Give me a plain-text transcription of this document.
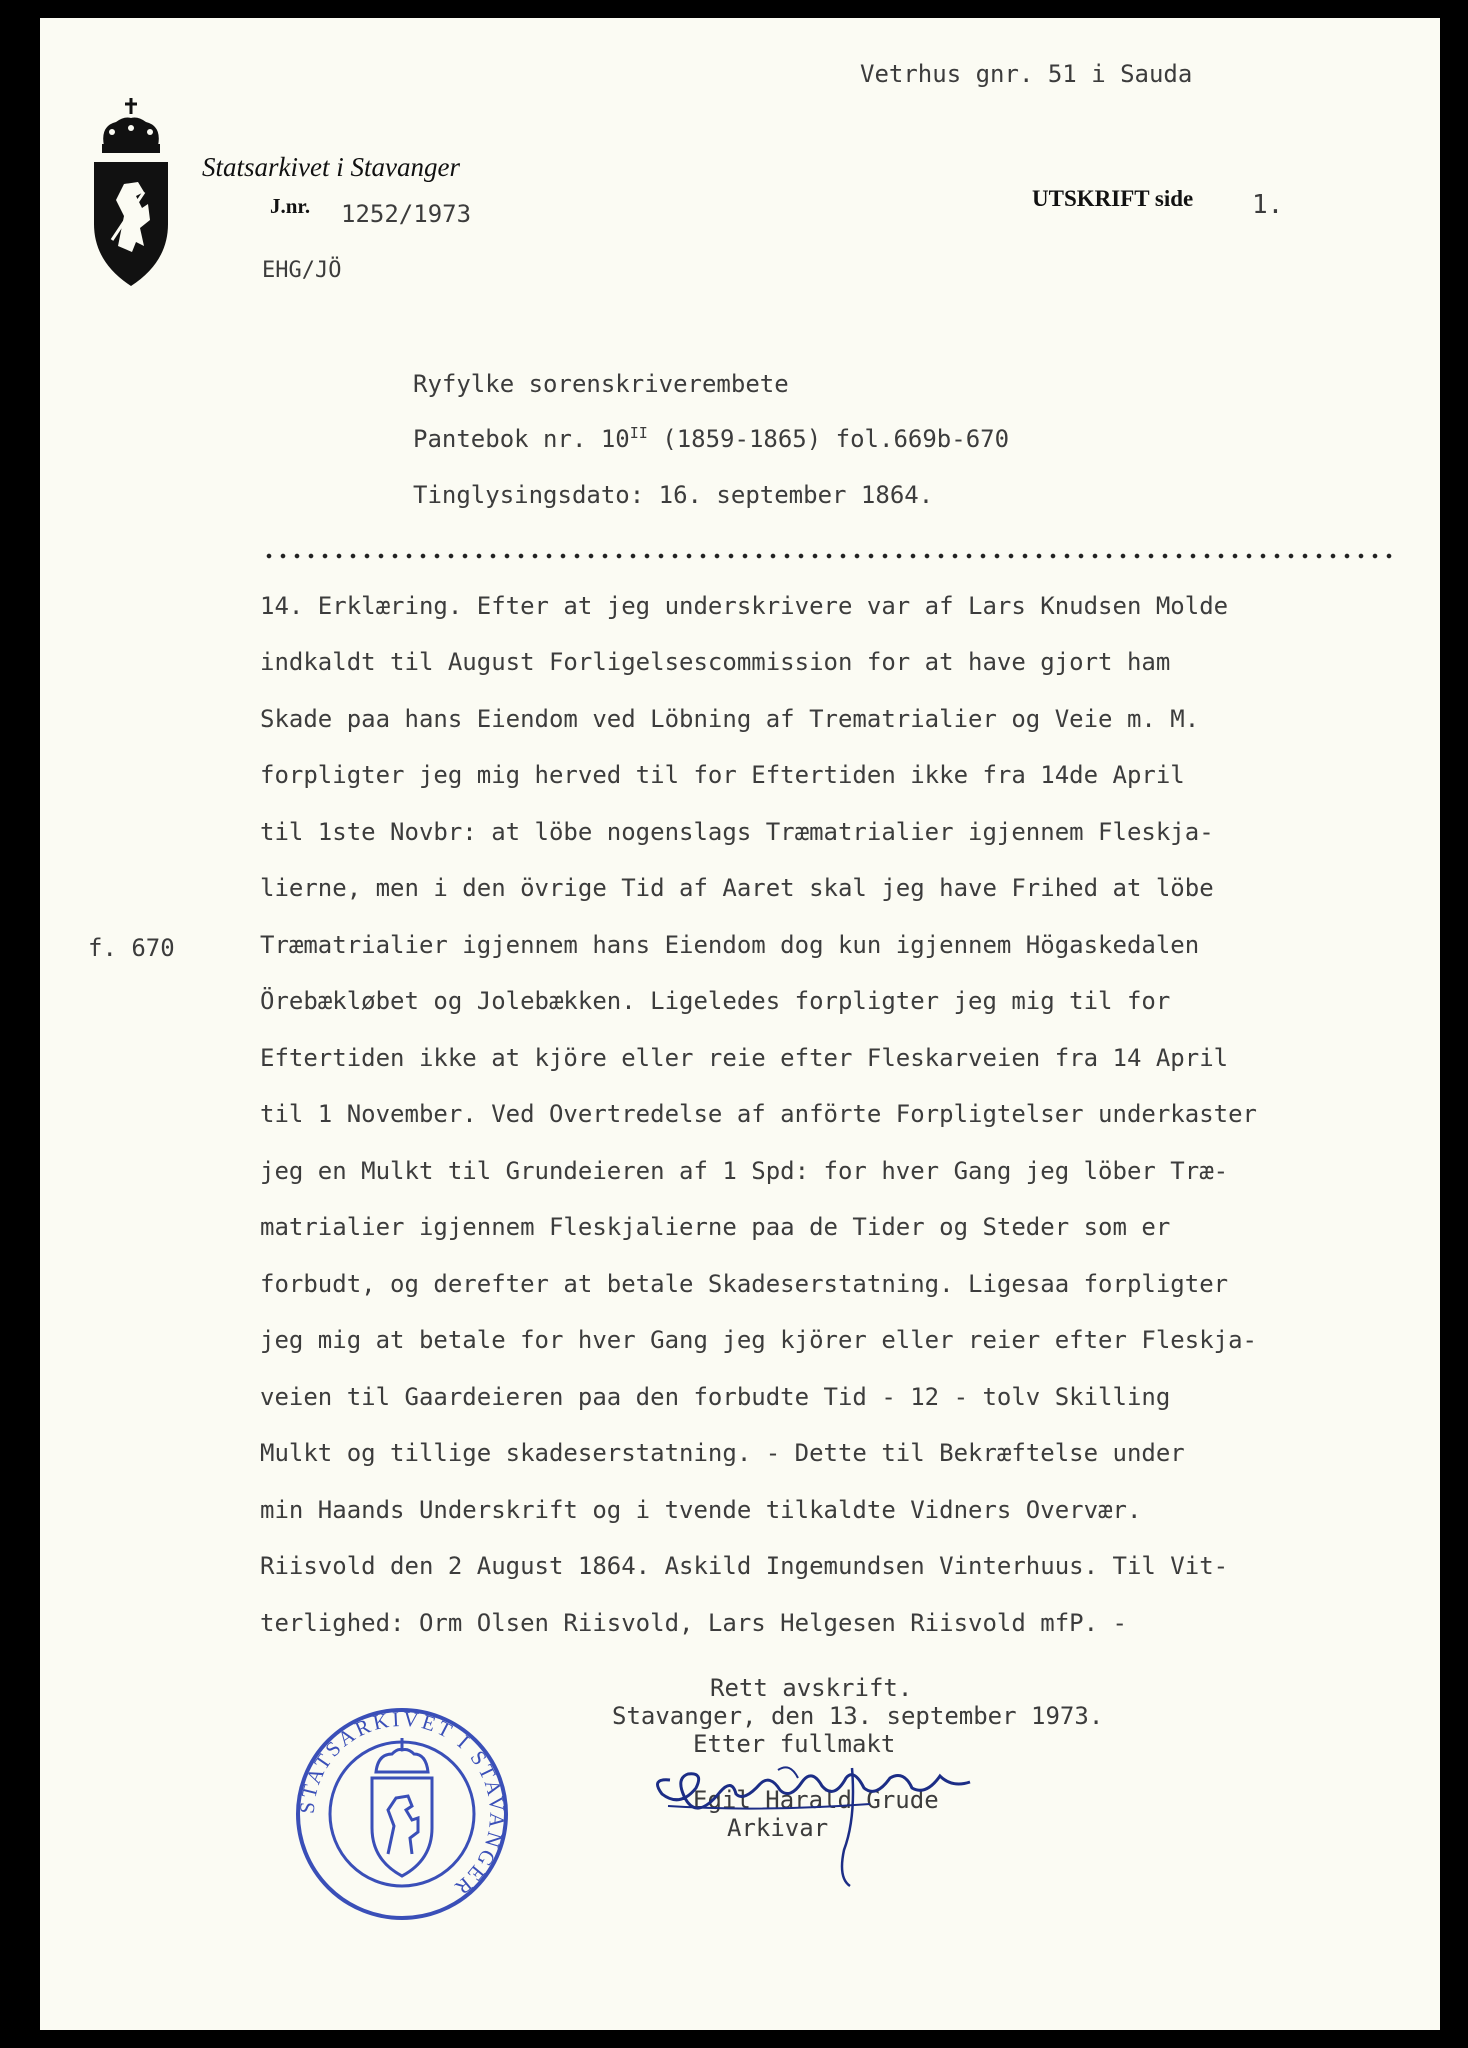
Vetrhus gnr. 51 i Sauda

Statsarkivet i Stavanger

J.nr. 1252/1973

EHG/JÖ

UTSKRIFT side 1.

Ryfylke sorenskriverembete

Pantebok nr. $10^{II}$ (1859-1865) fol.669b-670

Tinglysingsdato: 16. september 1864.

f. 670

14. Erklæring. Efter at jeg underskrivere var af Lars Knudsen Molde

indkaldt til August Forligelsescommission for at have gjort ham

Skade paa hans Eiendom ved Löbning af Trematrialier og Veie m. M.

forpligter jeg mig herved til for Eftertiden ikke fra 14de April

til 1ste Novbr: at löbe nogenslags Træmatrialier igjennem Fleskja-

lierne, men i den övrige Tid af Aaret skal jeg have Frihed at löbe

Træmatrialier igjennem hans Eiendom dog kun igjennem Högaskedalen

Örebækløbet og Jolebækken. Ligeledes forpligter jeg mig til for

Eftertiden ikke at kjöre eller reie efter Fleskarveien fra 14 April

til 1 November. Ved Overtredelse af anförte Forpligtelser underkaster

jeg en Mulkt til Grundeieren af 1 Spd: for hver Gang jeg löber Træ-

matrialier igjennem Fleskjalierne paa de Tider og Steder som er

forbudt, og derefter at betale Skadeserstatning. Ligesaa forpligter

jeg mig at betale for hver Gang jeg kjörer eller reier efter Fleskja-

veien til Gaardeieren paa den forbudte Tid - 12 - tolv Skilling

Mulkt og tillige skadeserstatning. - Dette til Bekræftelse under

min Haands Underskrift og i tvende tilkaldte Vidners Overvær.

Riisvold den 2 August 1864. Askild Ingemundsen Vinterhuus. Til Vit-

terlighed: Orm Olsen Riisvold, Lars Helgesen Riisvold mfP. -

Rett avskrift.

Stavanger, den 13. september 1973.

Etter fullmakt

Egil Harald Grude

Arkivar

STATSARKIVET I STAVANGER
